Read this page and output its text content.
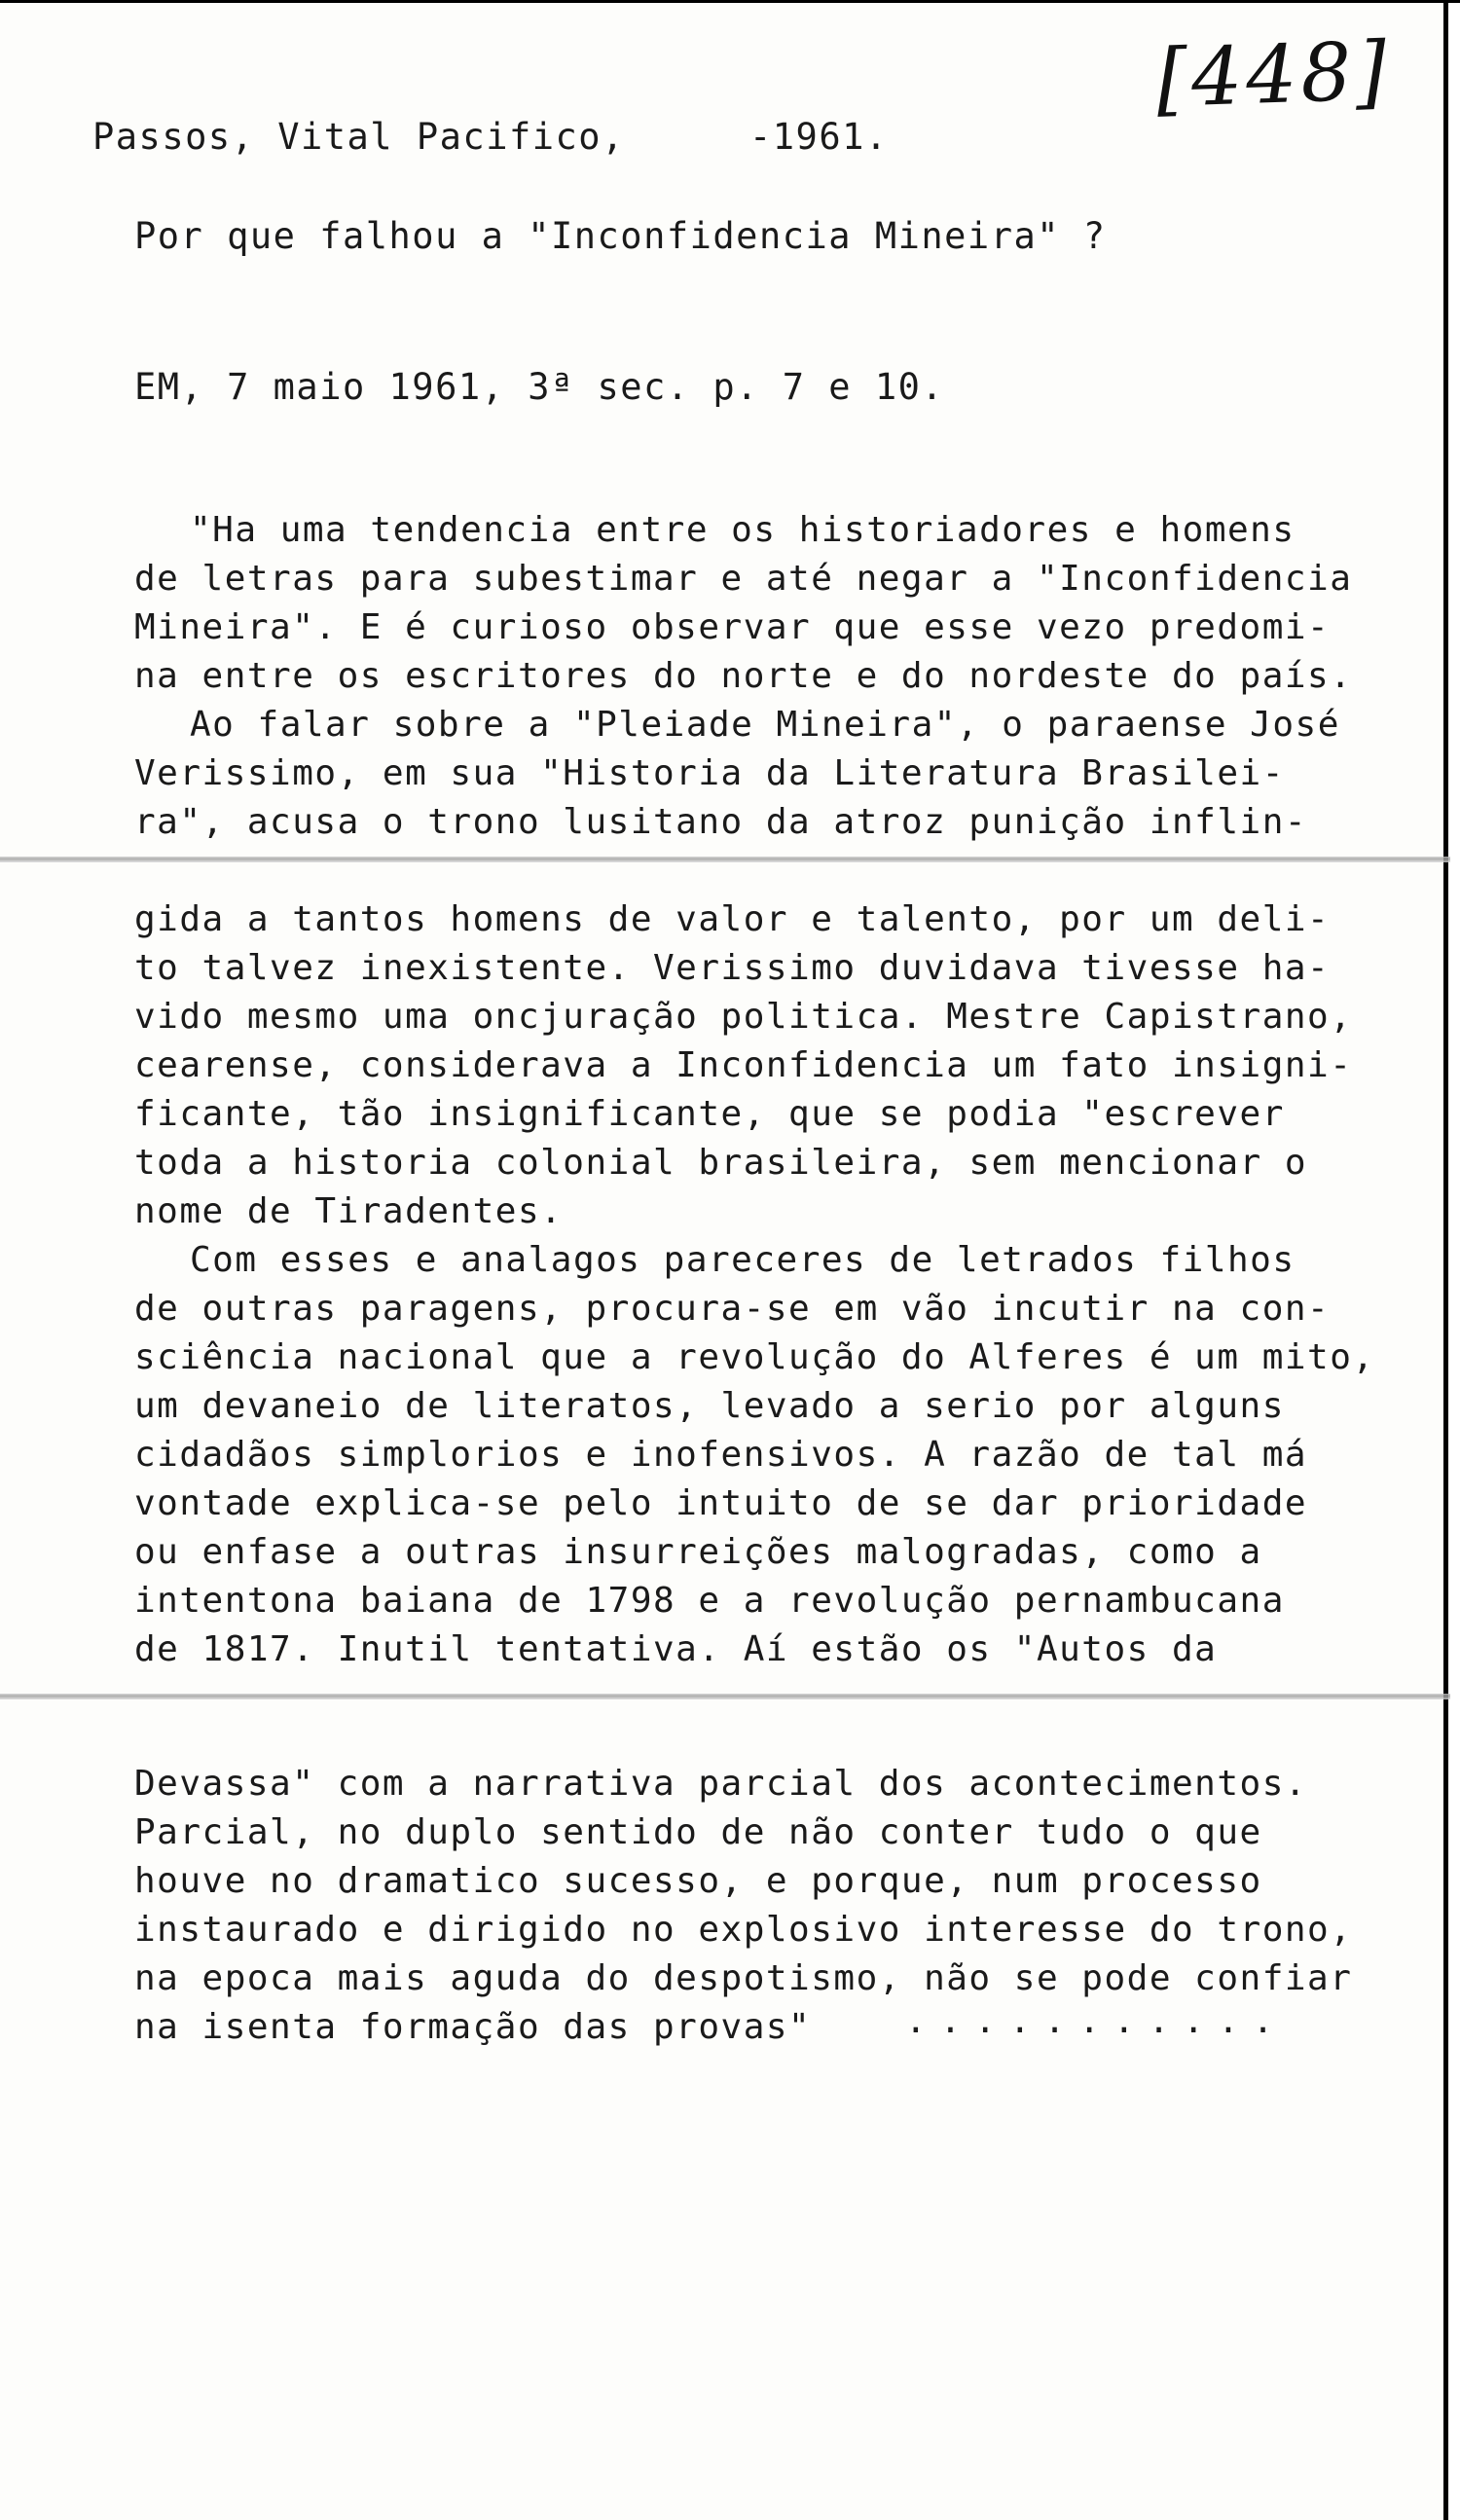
[448]
Passos, Vital Pacifico,	-1961.
Por que falhou a "Inconfidencia Mineira" ?
EM, 7 maio 1961, 3ª sec. p. 7 e 10.
"Ha uma tendencia entre os historiadores e homens
de letras para subestimar e até negar a "Inconfidencia
Mineira". E é curioso observar que esse vezo predomi-
na entre os escritores do norte e do nordeste do país.
Ao falar sobre a "Pleiade Mineira", o paraense José
Verissimo, em sua "Historia da Literatura Brasilei-
ra", acusa o trono lusitano da atroz punição inflin-
gida a tantos homens de valor e talento, por um deli-
to talvez inexistente. Verissimo duvidava tivesse ha-
vido mesmo uma oncjuração politica. Mestre Capistrano,
cearense, considerava a Inconfidencia um fato insigni-
ficante, tão insignificante, que se podia "escrever
toda a historia colonial brasileira, sem mencionar o
nome de Tiradentes.
Com esses e analagos pareceres de letrados filhos
de outras paragens, procura-se em vão incutir na con-
sciência nacional que a revolução do Alferes é um mito,
um devaneio de literatos, levado a serio por alguns
cidadãos simplorios e inofensivos. A razão de tal má
vontade explica-se pelo intuito de se dar prioridade
ou enfase a outras insurreições malogradas, como a
intentona baiana de 1798 e a revolução pernambucana
de 1817. Inutil tentativa. Aí estão os "Autos da
Devassa" com a narrativa parcial dos acontecimentos.
Parcial, no duplo sentido de não conter tudo o que
houve no dramatico sucesso, e porque, num processo
instaurado e dirigido no explosivo interesse do trono,
na epoca mais aguda do despotismo, não se pode confiar
na isenta formação das provas"	...........
